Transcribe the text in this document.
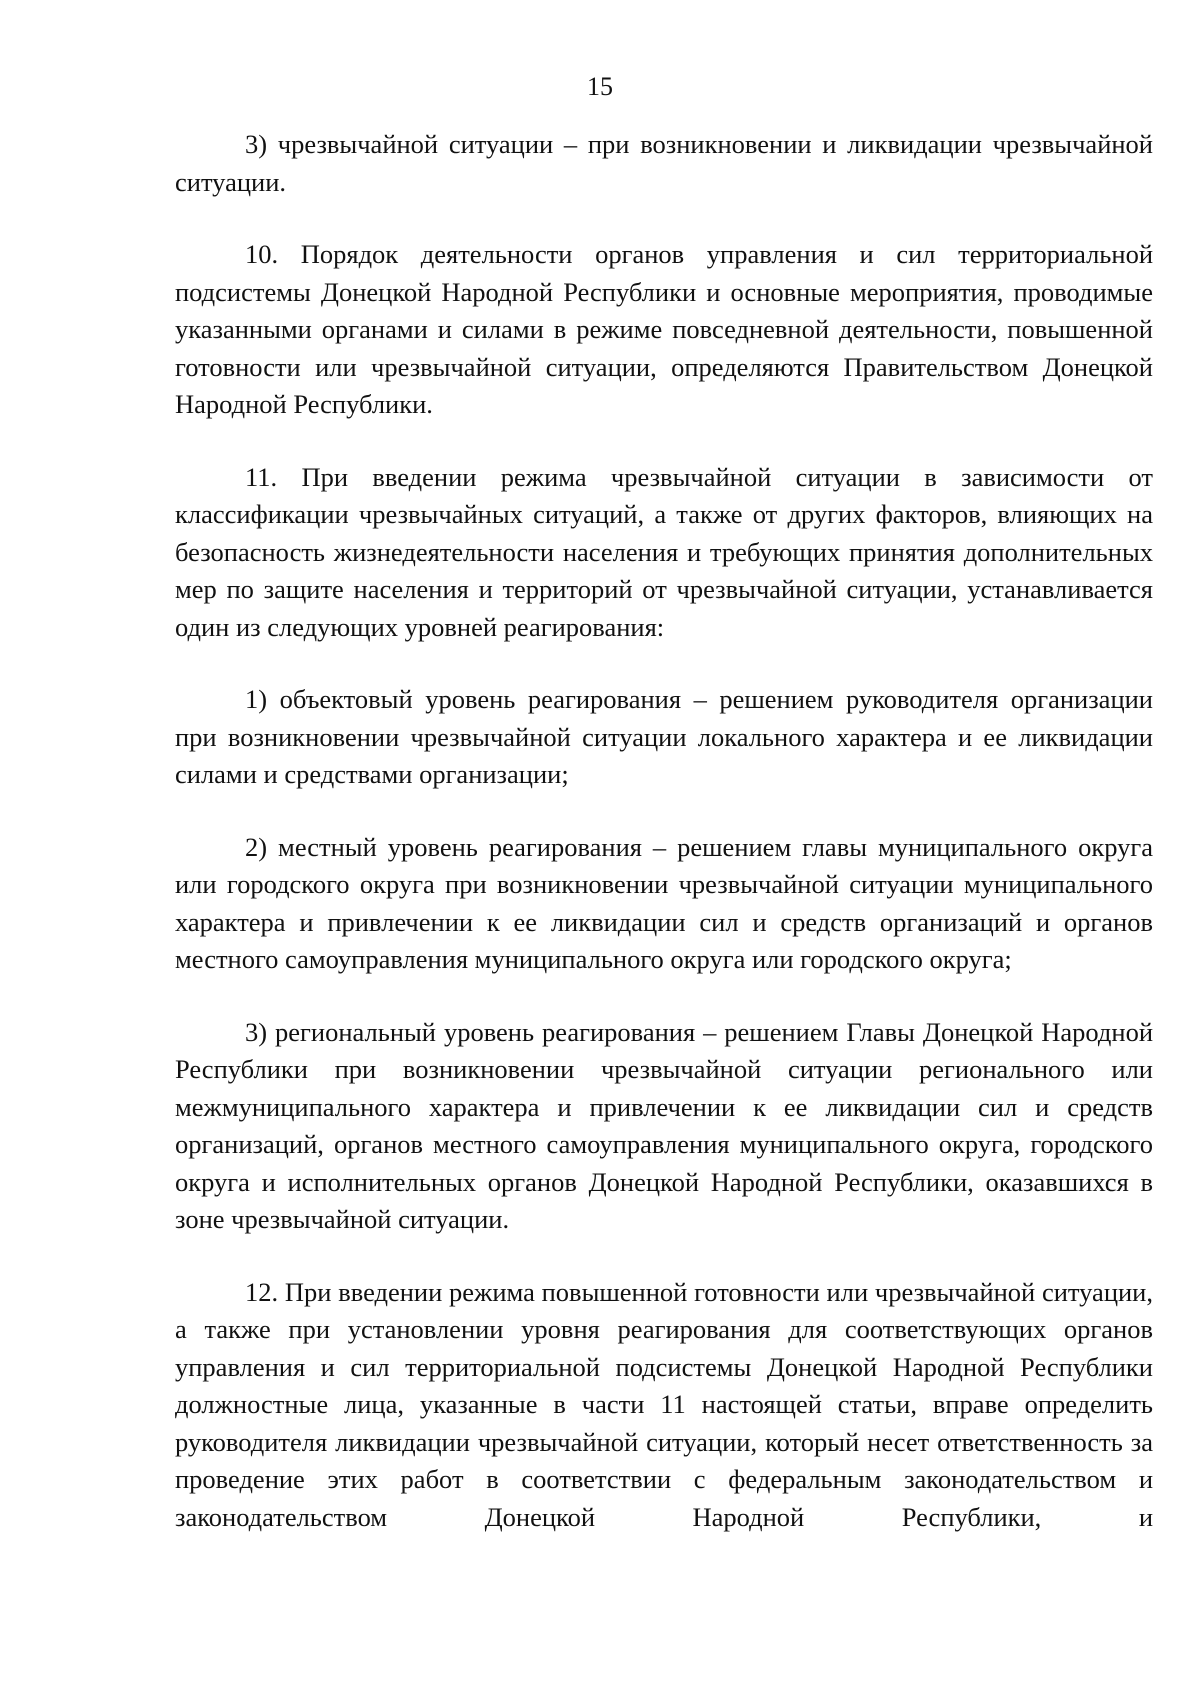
15

3) чрезвычайной ситуации – при возникновении и ликвидации чрезвычайной ситуации.

10. Порядок деятельности органов управления и сил территориальной подсистемы Донецкой Народной Республики и основные мероприятия, проводимые указанными органами и силами в режиме повседневной деятельности, повышенной готовности или чрезвычайной ситуации, определяются Правительством Донецкой Народной Республики.

11. При введении режима чрезвычайной ситуации в зависимости от классификации чрезвычайных ситуаций, а также от других факторов, влияющих на безопасность жизнедеятельности населения и требующих принятия дополнительных мер по защите населения и территорий от чрезвычайной ситуации, устанавливается один из следующих уровней реагирования:

1) объектовый уровень реагирования – решением руководителя организации при возникновении чрезвычайной ситуации локального характера и ее ликвидации силами и средствами организации;

2) местный уровень реагирования – решением главы муниципального округа или городского округа при возникновении чрезвычайной ситуации муниципального характера и привлечении к ее ликвидации сил и средств организаций и органов местного самоуправления муниципального округа или городского округа;

3) региональный уровень реагирования – решением Главы Донецкой Народной Республики при возникновении чрезвычайной ситуации регионального или межмуниципального характера и привлечении к ее ликвидации сил и средств организаций, органов местного самоуправления муниципального округа, городского округа и исполнительных органов Донецкой Народной Республики, оказавшихся в зоне чрезвычайной ситуации.

12. При введении режима повышенной готовности или чрезвычайной ситуации, а также при установлении уровня реагирования для соответствующих органов управления и сил территориальной подсистемы Донецкой Народной Республики должностные лица, указанные в части 11 настоящей статьи, вправе определить руководителя ликвидации чрезвычайной ситуации, который несет ответственность за проведение этих работ в соответствии с федеральным законодательством и законодательством Донецкой Народной Республики, и
